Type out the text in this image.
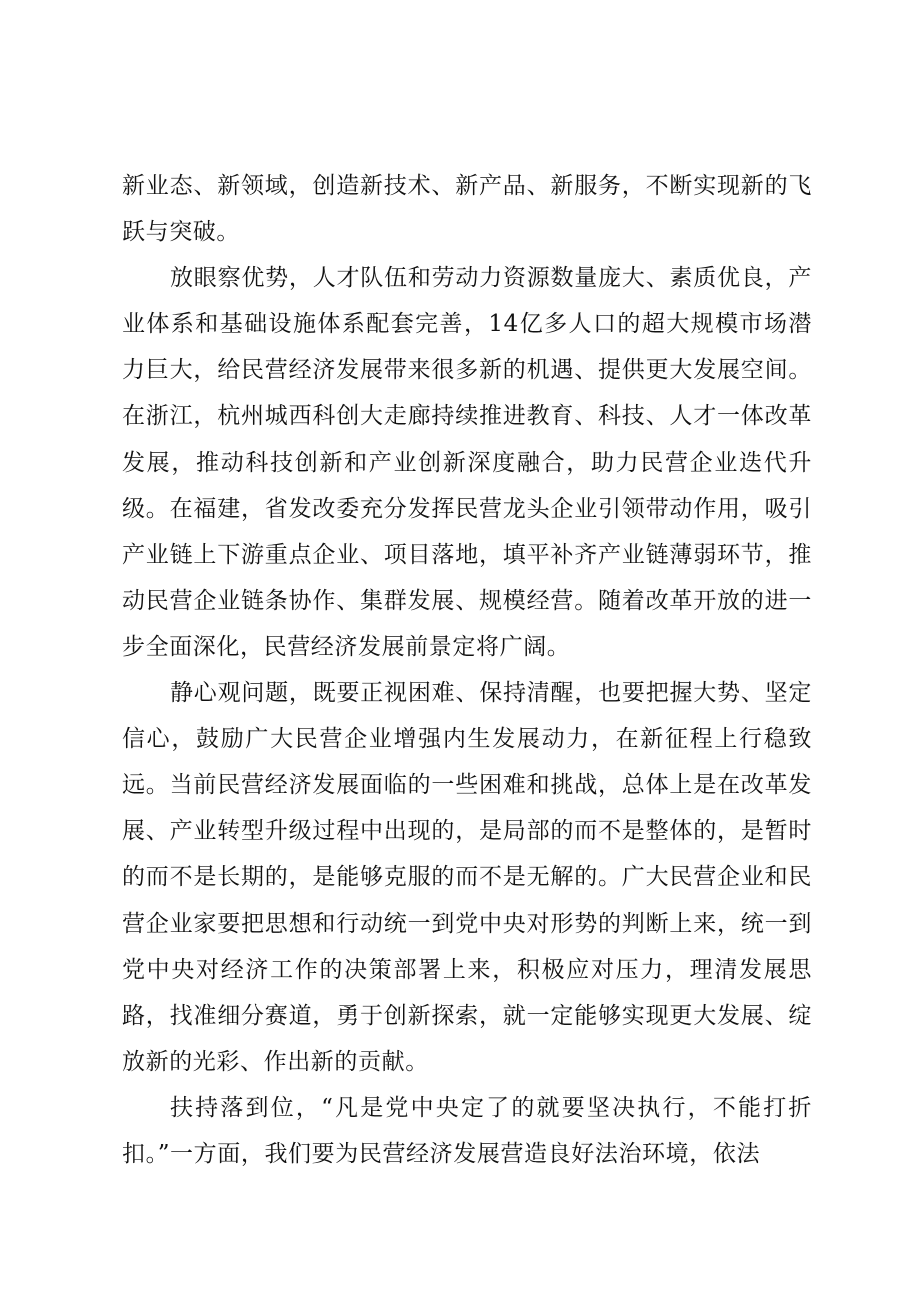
新业态、新领域，创造新技术、新产品、新服务，不断实现新的飞跃与突破。

放眼察优势，人才队伍和劳动力资源数量庞大、素质优良，产业体系和基础设施体系配套完善，14亿多人口的超大规模市场潜力巨大，给民营经济发展带来很多新的机遇、提供更大发展空间。在浙江，杭州城西科创大走廊持续推进教育、科技、人才一体改革发展，推动科技创新和产业创新深度融合，助力民营企业迭代升级。在福建，省发改委充分发挥民营龙头企业引领带动作用，吸引产业链上下游重点企业、项目落地，填平补齐产业链薄弱环节，推动民营企业链条协作、集群发展、规模经营。随着改革开放的进一步全面深化，民营经济发展前景定将广阔。

静心观问题，既要正视困难、保持清醒，也要把握大势、坚定信心，鼓励广大民营企业增强内生发展动力，在新征程上行稳致远。当前民营经济发展面临的一些困难和挑战，总体上是在改革发展、产业转型升级过程中出现的，是局部的而不是整体的，是暂时的而不是长期的，是能够克服的而不是无解的。广大民营企业和民营企业家要把思想和行动统一到党中央对形势的判断上来，统一到党中央对经济工作的决策部署上来，积极应对压力，理清发展思路，找准细分赛道，勇于创新探索，就一定能够实现更大发展、绽放新的光彩、作出新的贡献。

扶持落到位，“凡是党中央定了的就要坚决执行，不能打折扣。”一方面，我们要为民营经济发展营造良好法治环境，依法
